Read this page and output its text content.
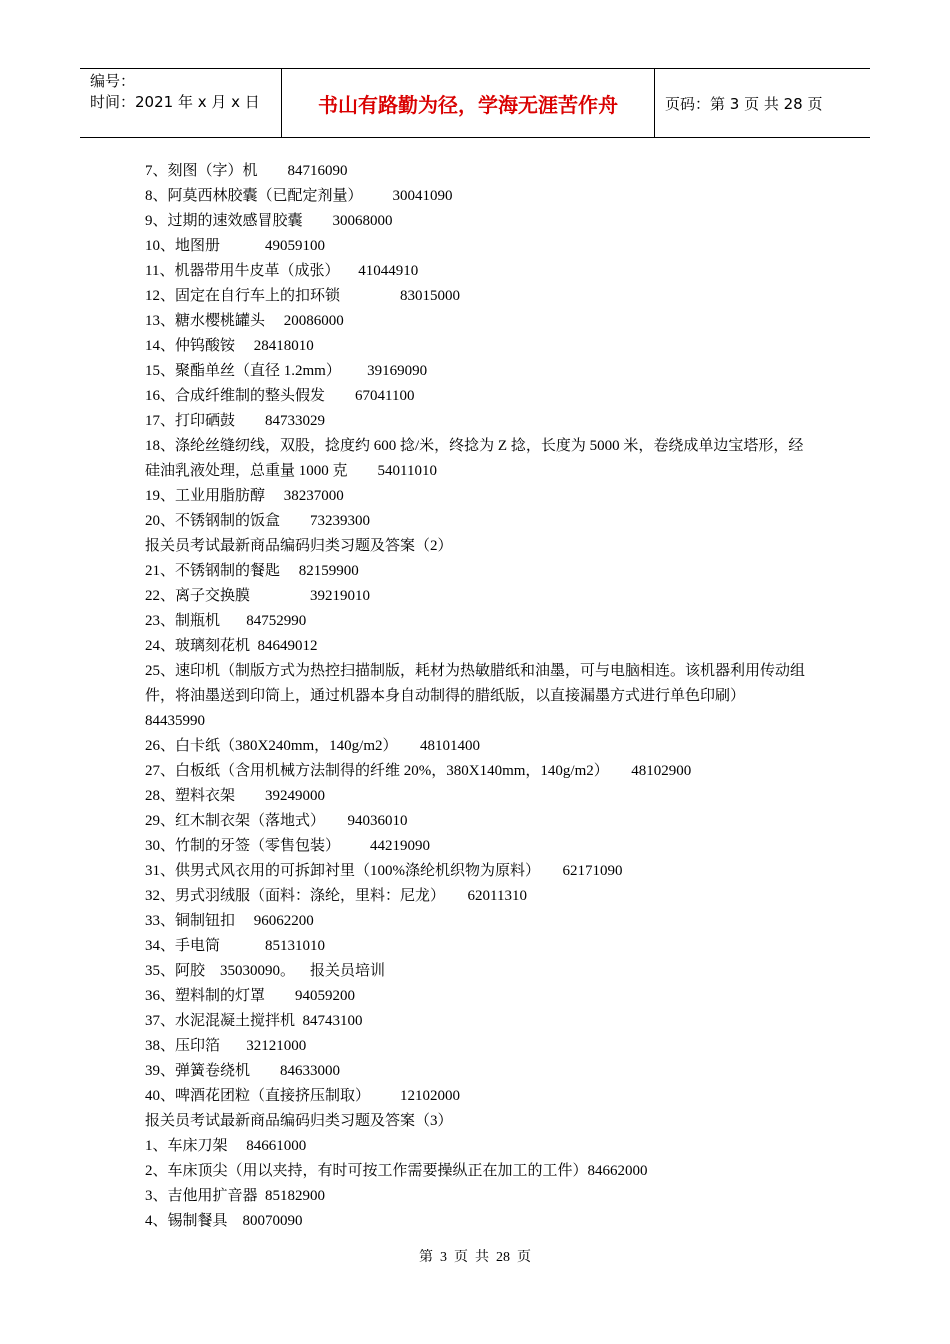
编号：
时间：2021 年 x 月 x 日	书山有路勤为径，学海无涯苦作舟	页码：第 3 页 共 28 页
7、刻图（字）机        84716090
8、阿莫西林胶囊（已配定剂量）        30041090
9、过期的速效感冒胶囊        30068000
10、地图册            49059100
11、机器带用牛皮革（成张）     41044910
12、固定在自行车上的扣环锁                83015000
13、糖水樱桃罐头     20086000
14、仲钨酸铵     28418010
15、聚酯单丝（直径 1.2mm）       39169090
16、合成纤维制的整头假发        67041100
17、打印硒鼓        84733029
18、涤纶丝缝纫线，双股，捻度约 600 捻/米，终捻为 Z 捻，长度为 5000 米，卷绕成单边宝塔形，经硅油乳液处理，总重量 1000 克        54011010
19、工业用脂肪醇     38237000
20、不锈钢制的饭盒        73239300
报关员考试最新商品编码归类习题及答案（2）
21、不锈钢制的餐匙     82159900
22、离子交换膜                39219010
23、制瓶机       84752990
24、玻璃刻花机  84649012
25、速印机（制版方式为热控扫描制版，耗材为热敏腊纸和油墨，可与电脑相连。该机器利用传动组件，将油墨送到印筒上，通过机器本身自动制得的腊纸版，以直接漏墨方式进行单色印刷）     84435990
26、白卡纸（380X240mm，140g/m2）      48101400
27、白板纸（含用机械方法制得的纤维 20%，380X140mm，140g/m2）      48102900
28、塑料衣架        39249000
29、红木制衣架（落地式）      94036010
30、竹制的牙签（零售包装）        44219090
31、供男式风衣用的可拆卸衬里（100%涤纶机织物为原料）      62171090
32、男式羽绒服（面料：涤纶，里料：尼龙）      62011310
33、铜制钮扣     96062200
34、手电筒            85131010
35、阿胶    35030090。    报关员培训
36、塑料制的灯罩        94059200
37、水泥混凝土搅拌机  84743100
38、压印箔       32121000
39、弹簧卷绕机        84633000
40、啤酒花团粒（直接挤压制取）        12102000
报关员考试最新商品编码归类习题及答案（3）
1、车床刀架     84661000
2、车床顶尖（用以夹持，有时可按工作需要操纵正在加工的工件）84662000
3、吉他用扩音器  85182900
4、锡制餐具    80070090
第  3  页  共  28  页
